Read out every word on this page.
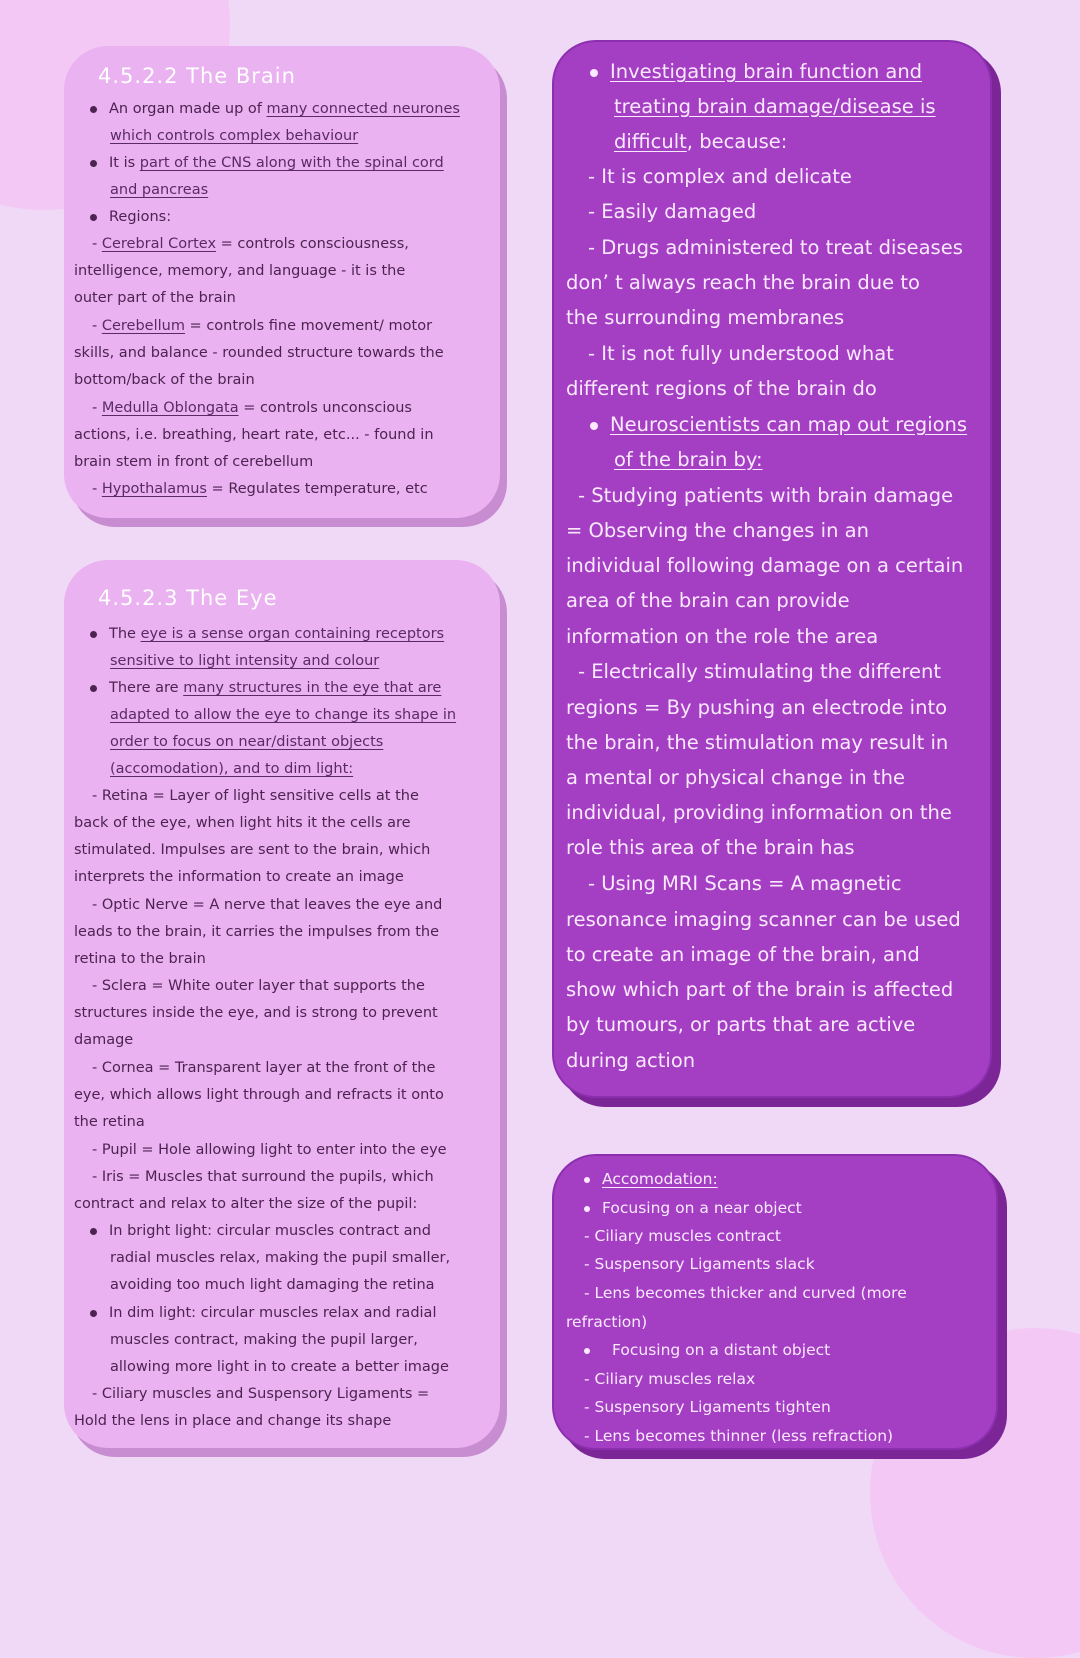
4.5.2.2 The Brain
An organ made up of many connected neurones
which controls complex behaviour
It is part of the CNS along with the spinal cord
and pancreas
Regions:
- Cerebral Cortex = controls consciousness,
intelligence, memory, and language - it is the
outer part of the brain
- Cerebellum = controls fine movement/ motor
skills, and balance - rounded structure towards the
bottom/back of the brain
- Medulla Oblongata = controls unconscious
actions, i.e. breathing, heart rate, etc... - found in
brain stem in front of cerebellum
- Hypothalamus = Regulates temperature, etc
4.5.2.3 The Eye
The eye is a sense organ containing receptors
sensitive to light intensity and colour
There are many structures in the eye that are
adapted to allow the eye to change its shape in
order to focus on near/distant objects
(accomodation), and to dim light:
- Retina = Layer of light sensitive cells at the
back of the eye, when light hits it the cells are
stimulated. Impulses are sent to the brain, which
interprets the information to create an image
- Optic Nerve = A nerve that leaves the eye and
leads to the brain, it carries the impulses from the
retina to the brain
- Sclera = White outer layer that supports the
structures inside the eye, and is strong to prevent
damage
- Cornea = Transparent layer at the front of the
eye, which allows light through and refracts it onto
the retina
- Pupil = Hole allowing light to enter into the eye
- Iris = Muscles that surround the pupils, which
contract and relax to alter the size of the pupil:
In bright light: circular muscles contract and
radial muscles relax, making the pupil smaller,
avoiding too much light damaging the retina
In dim light: circular muscles relax and radial
muscles contract, making the pupil larger,
allowing more light in to create a better image
- Ciliary muscles and Suspensory Ligaments =
Hold the lens in place and change its shape
Investigating brain function and
treating brain damage/disease is
difficult, because:
- It is complex and delicate
- Easily damaged
- Drugs administered to treat diseases
don’ t always reach the brain due to
the surrounding membranes
- It is not fully understood what
different regions of the brain do
Neuroscientists can map out regions
of the brain by:
- Studying patients with brain damage
= Observing the changes in an
individual following damage on a certain
area of the brain can provide
information on the role the area
- Electrically stimulating the different
regions = By pushing an electrode into
the brain, the stimulation may result in
a mental or physical change in the
individual, providing information on the
role this area of the brain has
- Using MRI Scans = A magnetic
resonance imaging scanner can be used
to create an image of the brain, and
show which part of the brain is affected
by tumours, or parts that are active
during action
Accomodation:
Focusing on a near object
- Ciliary muscles contract
- Suspensory Ligaments slack
- Lens becomes thicker and curved (more
refraction)
Focusing on a distant object
- Ciliary muscles relax
- Suspensory Ligaments tighten
- Lens becomes thinner (less refraction)
